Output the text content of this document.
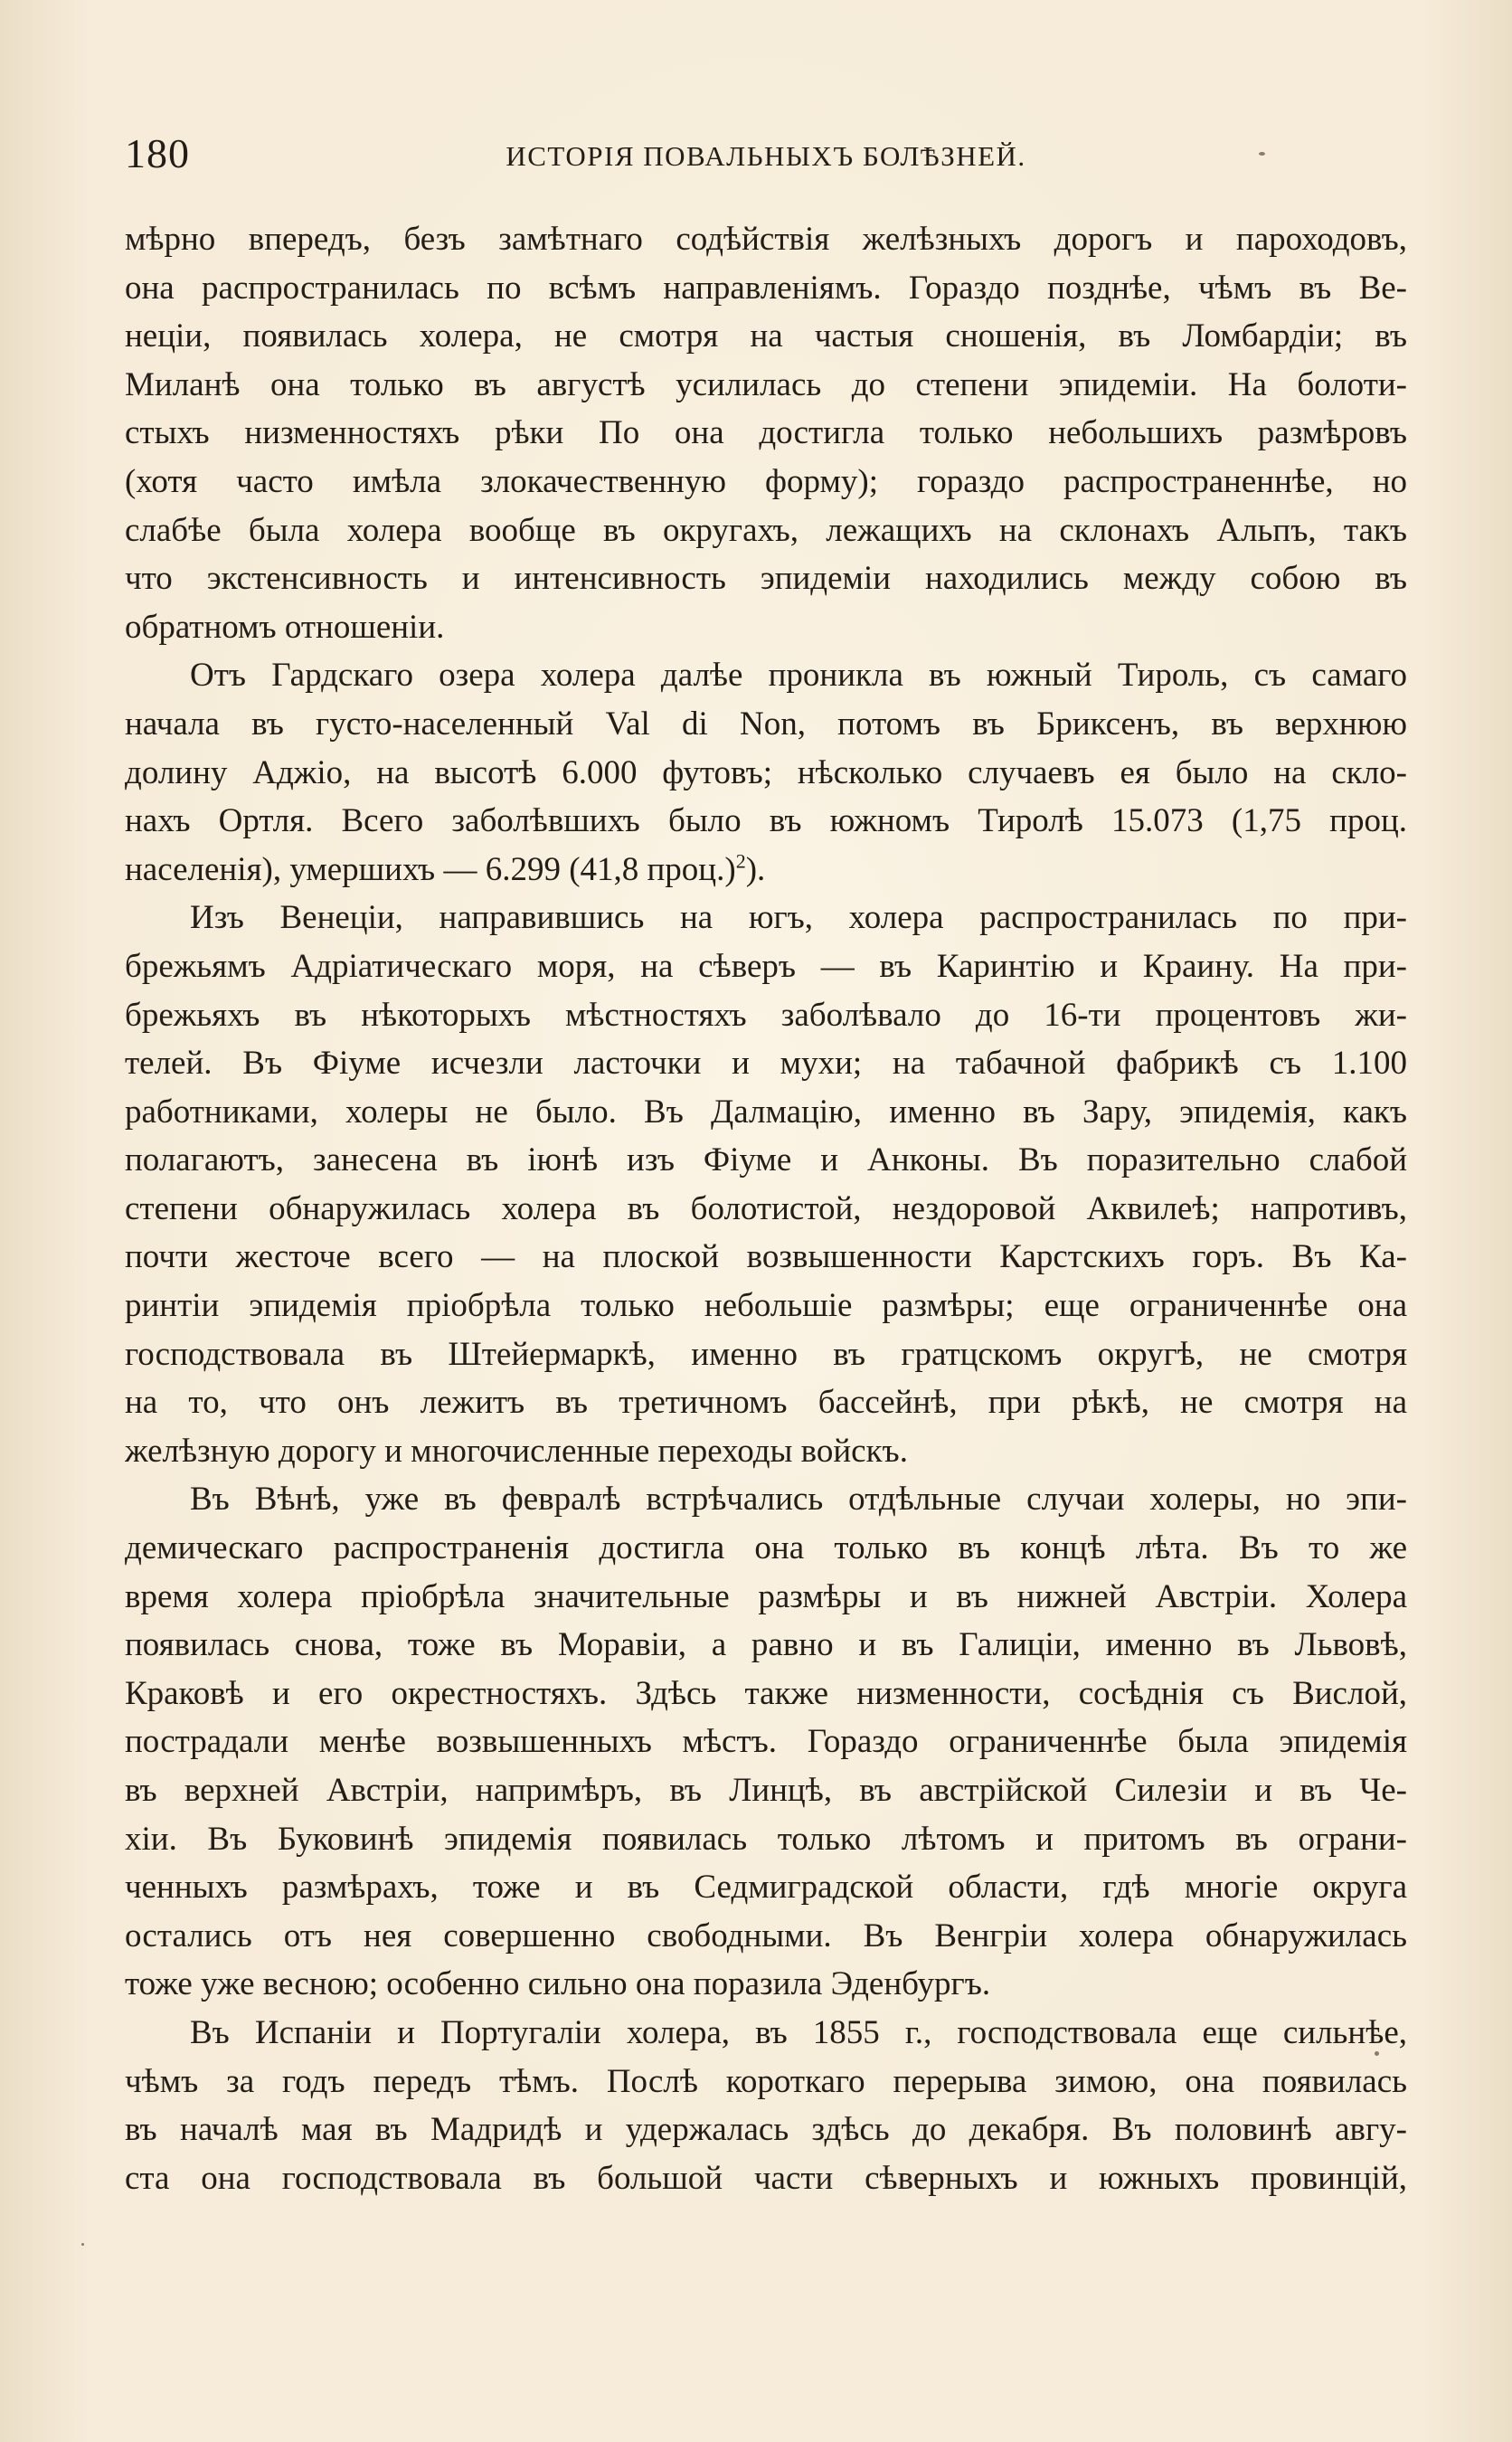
180	ИСТОРІЯ ПОВАЛЬНЫХЪ БОЛѢЗНЕЙ.
мѣрно впередъ, безъ замѣтнаго содѣйствія желѣзныхъ дорогъ и пароходовъ,
она распространилась по всѣмъ направленіямъ. Гораздо позднѣе, чѣмъ въ Ве-
неціи, появилась холера, не смотря на частыя сношенія, въ Ломбардіи; въ
Миланѣ она только въ августѣ усилилась до степени эпидеміи. На болоти-
стыхъ низменностяхъ рѣки По она достигла только небольшихъ размѣровъ
(хотя часто имѣла злокачественную форму); гораздо распространеннѣе, но
слабѣе была холера вообще въ округахъ, лежащихъ на склонахъ Альпъ, такъ
что экстенсивность и интенсивность эпидеміи находились между собою въ
обратномъ отношеніи.
Отъ Гардскаго озера холера далѣе проникла въ южный Тироль, съ самаго
начала въ густо-населенный Val di Non, потомъ въ Бриксенъ, въ верхнюю
долину Аджіо, на высотѣ 6.000 футовъ; нѣсколько случаевъ ея было на скло-
нахъ Ортля. Всего заболѣвшихъ было въ южномъ Тиролѣ 15.073 (1,75 проц.
населенія), умершихъ — 6.299 (41,8 проц.)$^2$).
Изъ Венеціи, направившись на югъ, холера распространилась по при-
брежьямъ Адріатическаго моря, на сѣверъ — въ Каринтію и Краину. На при-
брежьяхъ въ нѣкоторыхъ мѣстностяхъ заболѣвало до 16-ти процентовъ жи-
телей. Въ Фіуме исчезли ласточки и мухи; на табачной фабрикѣ съ 1.100
работниками, холеры не было. Въ Далмацію, именно въ Зару, эпидемія, какъ
полагаютъ, занесена въ іюнѣ изъ Фіуме и Анконы. Въ поразительно слабой
степени обнаружилась холера въ болотистой, нездоровой Аквилеѣ; напротивъ,
почти жесточе всего — на плоской возвышенности Карстскихъ горъ. Въ Ка-
ринтіи эпидемія пріобрѣла только небольшіе размѣры; еще ограниченнѣе она
господствовала въ Штейермаркѣ, именно въ гратцскомъ округѣ, не смотря
на то, что онъ лежитъ въ третичномъ бассейнѣ, при рѣкѣ, не смотря на
желѣзную дорогу и многочисленные переходы войскъ.
Въ Вѣнѣ, уже въ февралѣ встрѣчались отдѣльные случаи холеры, но эпи-
демическаго распространенія достигла она только въ концѣ лѣта. Въ то же
время холера пріобрѣла значительные размѣры и въ нижней Австріи. Холера
появилась снова, тоже въ Моравіи, а равно и въ Галиціи, именно въ Львовѣ,
Краковѣ и его окрестностяхъ. Здѣсь также низменности, сосѣднія съ Вислой,
пострадали менѣе возвышенныхъ мѣстъ. Гораздо ограниченнѣе была эпидемія
въ верхней Австріи, напримѣръ, въ Линцѣ, въ австрійской Силезіи и въ Че-
хіи. Въ Буковинѣ эпидемія появилась только лѣтомъ и притомъ въ ограни-
ченныхъ размѣрахъ, тоже и въ Седмиградской области, гдѣ многіе округа
остались отъ нея совершенно свободными. Въ Венгріи холера обнаружилась
тоже уже весною; особенно сильно она поразила Эденбургъ.
Въ Испаніи и Португаліи холера, въ 1855 г., господствовала еще сильнѣе,
чѣмъ за годъ передъ тѣмъ. Послѣ короткаго перерыва зимою, она появилась
въ началѣ мая въ Мадридѣ и удержалась здѣсь до декабря. Въ половинѣ авгу-
ста она господствовала въ большой части сѣверныхъ и южныхъ провинцій,
